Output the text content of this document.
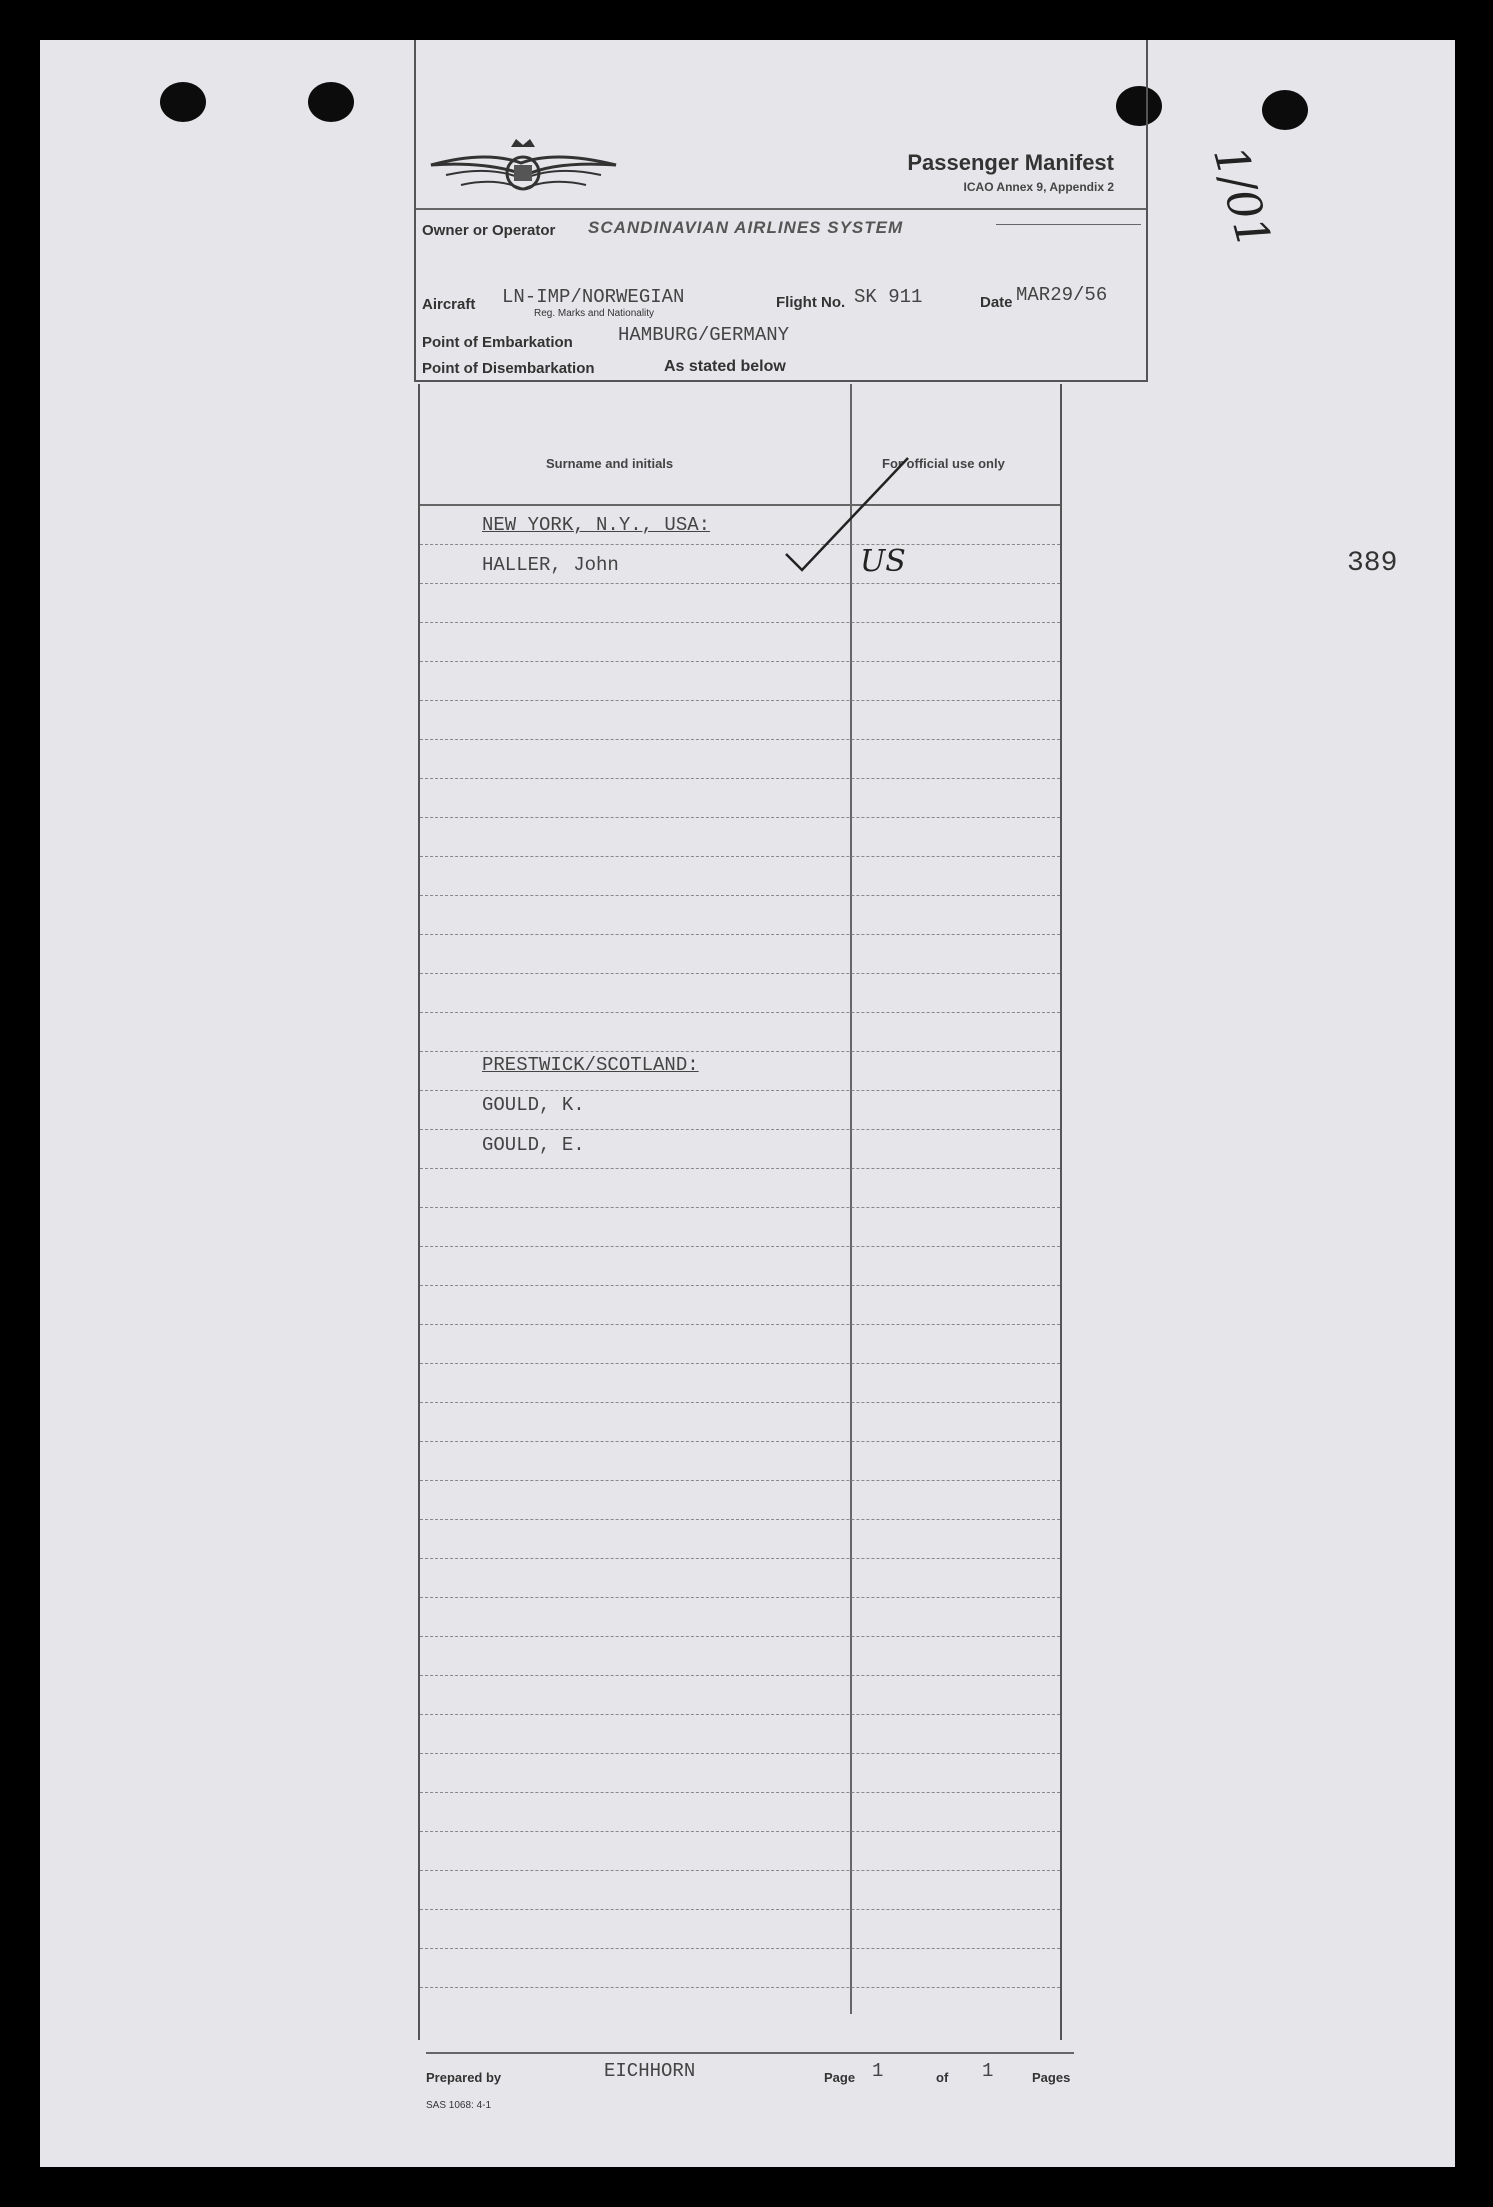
1/01
389
Passenger Manifest
ICAO Annex 9, Appendix 2
Owner or Operator SCANDINAVIAN AIRLINES SYSTEM
Aircraft LN-IMP/NORWEGIAN
Reg. Marks and Nationality
Flight No. SK 911	Date MAR29/56
Point of Embarkation HAMBURG/GERMANY
Point of Disembarkation	As stated below
Surname and initials	For official use only
NEW YORK, N.Y., USA:
HALLER, John	US
PRESTWICK/SCOTLAND:
GOULD, K.
GOULD, E.
Prepared by	EICHHORN	Page 1	of 1	Pages
SAS 1068: 4-1
